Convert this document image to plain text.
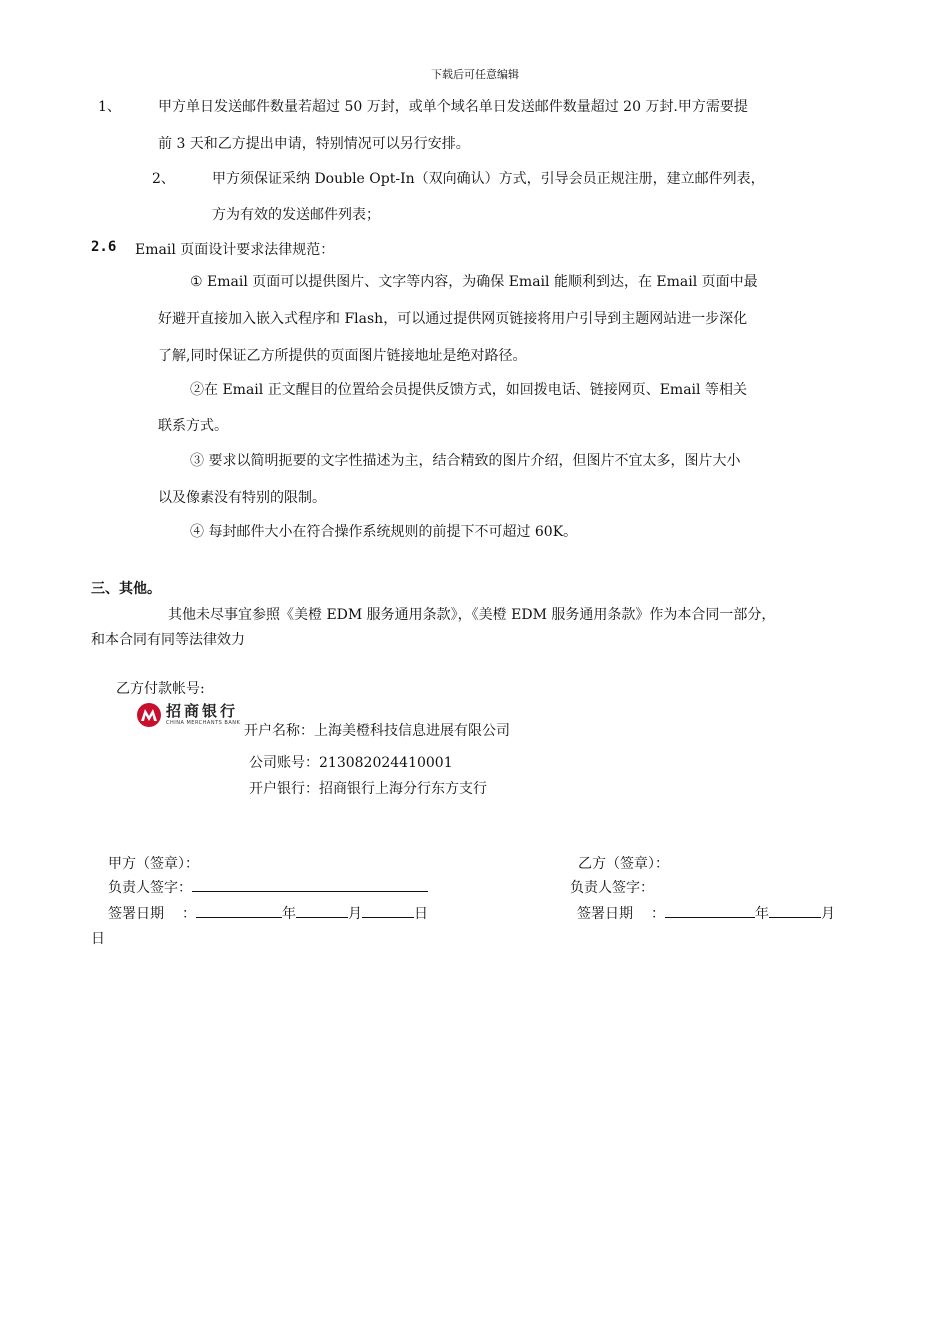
下载后可任意编辑
1、	甲方单日发送邮件数量若超过 50 万封，或单个域名单日发送邮件数量超过 20 万封.甲方需要提
前 3 天和乙方提出申请，特别情况可以另行安排。
2、	甲方须保证采纳 Double Opt-In（双向确认）方式，引导会员正规注册，建立邮件列表，
方为有效的发送邮件列表；
2.6 Email 页面设计要求法律规范：
① Email 页面可以提供图片、文字等内容，为确保 Email 能顺利到达，在 Email 页面中最
好避开直接加入嵌入式程序和 Flash，可以通过提供网页链接将用户引导到主题网站进一步深化
了解,同时保证乙方所提供的页面图片链接地址是绝对路径。
②在 Email 正文醒目的位置给会员提供反馈方式，如回拨电话、链接网页、Email 等相关
联系方式。
③ 要求以简明扼要的文字性描述为主，结合精致的图片介绍，但图片不宜太多，图片大小
以及像素没有特别的限制。
④ 每封邮件大小在符合操作系统规则的前提下不可超过 60K。
三、其他。
其他未尽事宜参照《美橙 EDM 服务通用条款》，《美橙 EDM 服务通用条款》作为本合同一部分，
和本合同有同等法律效力
乙方付款帐号:
招商银行
CHINA MERCHANTS BANK 开户名称：上海美橙科技信息进展有限公司
公司账号：213082024410001
开户银行：招商银行上海分行东方支行
甲方（签章）：	乙方（签章）：
负责人签字：	负责人签字：
签署日期 ：	年	月	日	签署日期 ：	年	月
日
